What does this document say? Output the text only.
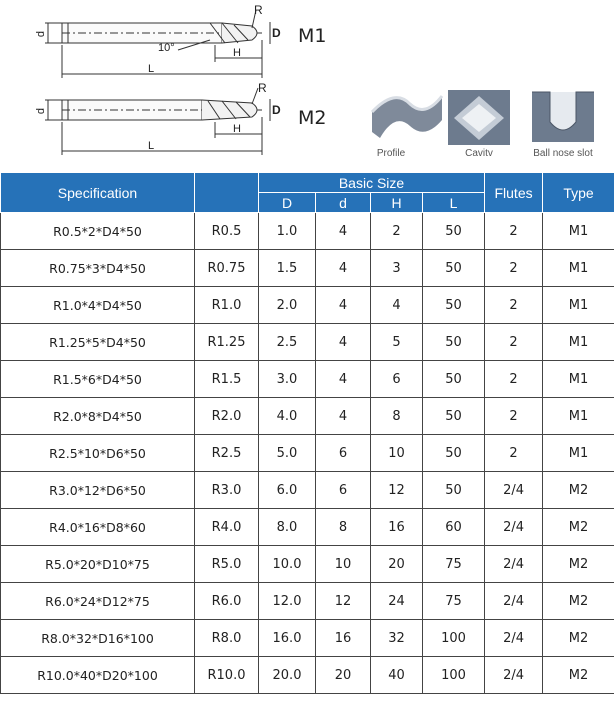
M1
M2
R
D
d
10°	H
L
R
D
d
H
L
Profile	Cavitv	Ball nose slot
Specification		Basic Size				Flutes	Type
		D	d	H	L		
R0.5*2*D4*50	R0.5	1.0	4	2	50	2	M1
R0.75*3*D4*50	R0.75	1.5	4	3	50	2	M1
R1.0*4*D4*50	R1.0	2.0	4	4	50	2	M1
R1.25*5*D4*50	R1.25	2.5	4	5	50	2	M1
R1.5*6*D4*50	R1.5	3.0	4	6	50	2	M1
R2.0*8*D4*50	R2.0	4.0	4	8	50	2	M1
R2.5*10*D6*50	R2.5	5.0	6	10	50	2	M1
R3.0*12*D6*50	R3.0	6.0	6	12	50	2/4	M2
R4.0*16*D8*60	R4.0	8.0	8	16	60	2/4	M2
R5.0*20*D10*75	R5.0	10.0	10	20	75	2/4	M2
R6.0*24*D12*75	R6.0	12.0	12	24	75	2/4	M2
R8.0*32*D16*100	R8.0	16.0	16	32	100	2/4	M2
R10.0*40*D20*100	R10.0	20.0	20	40	100	2/4	M2
